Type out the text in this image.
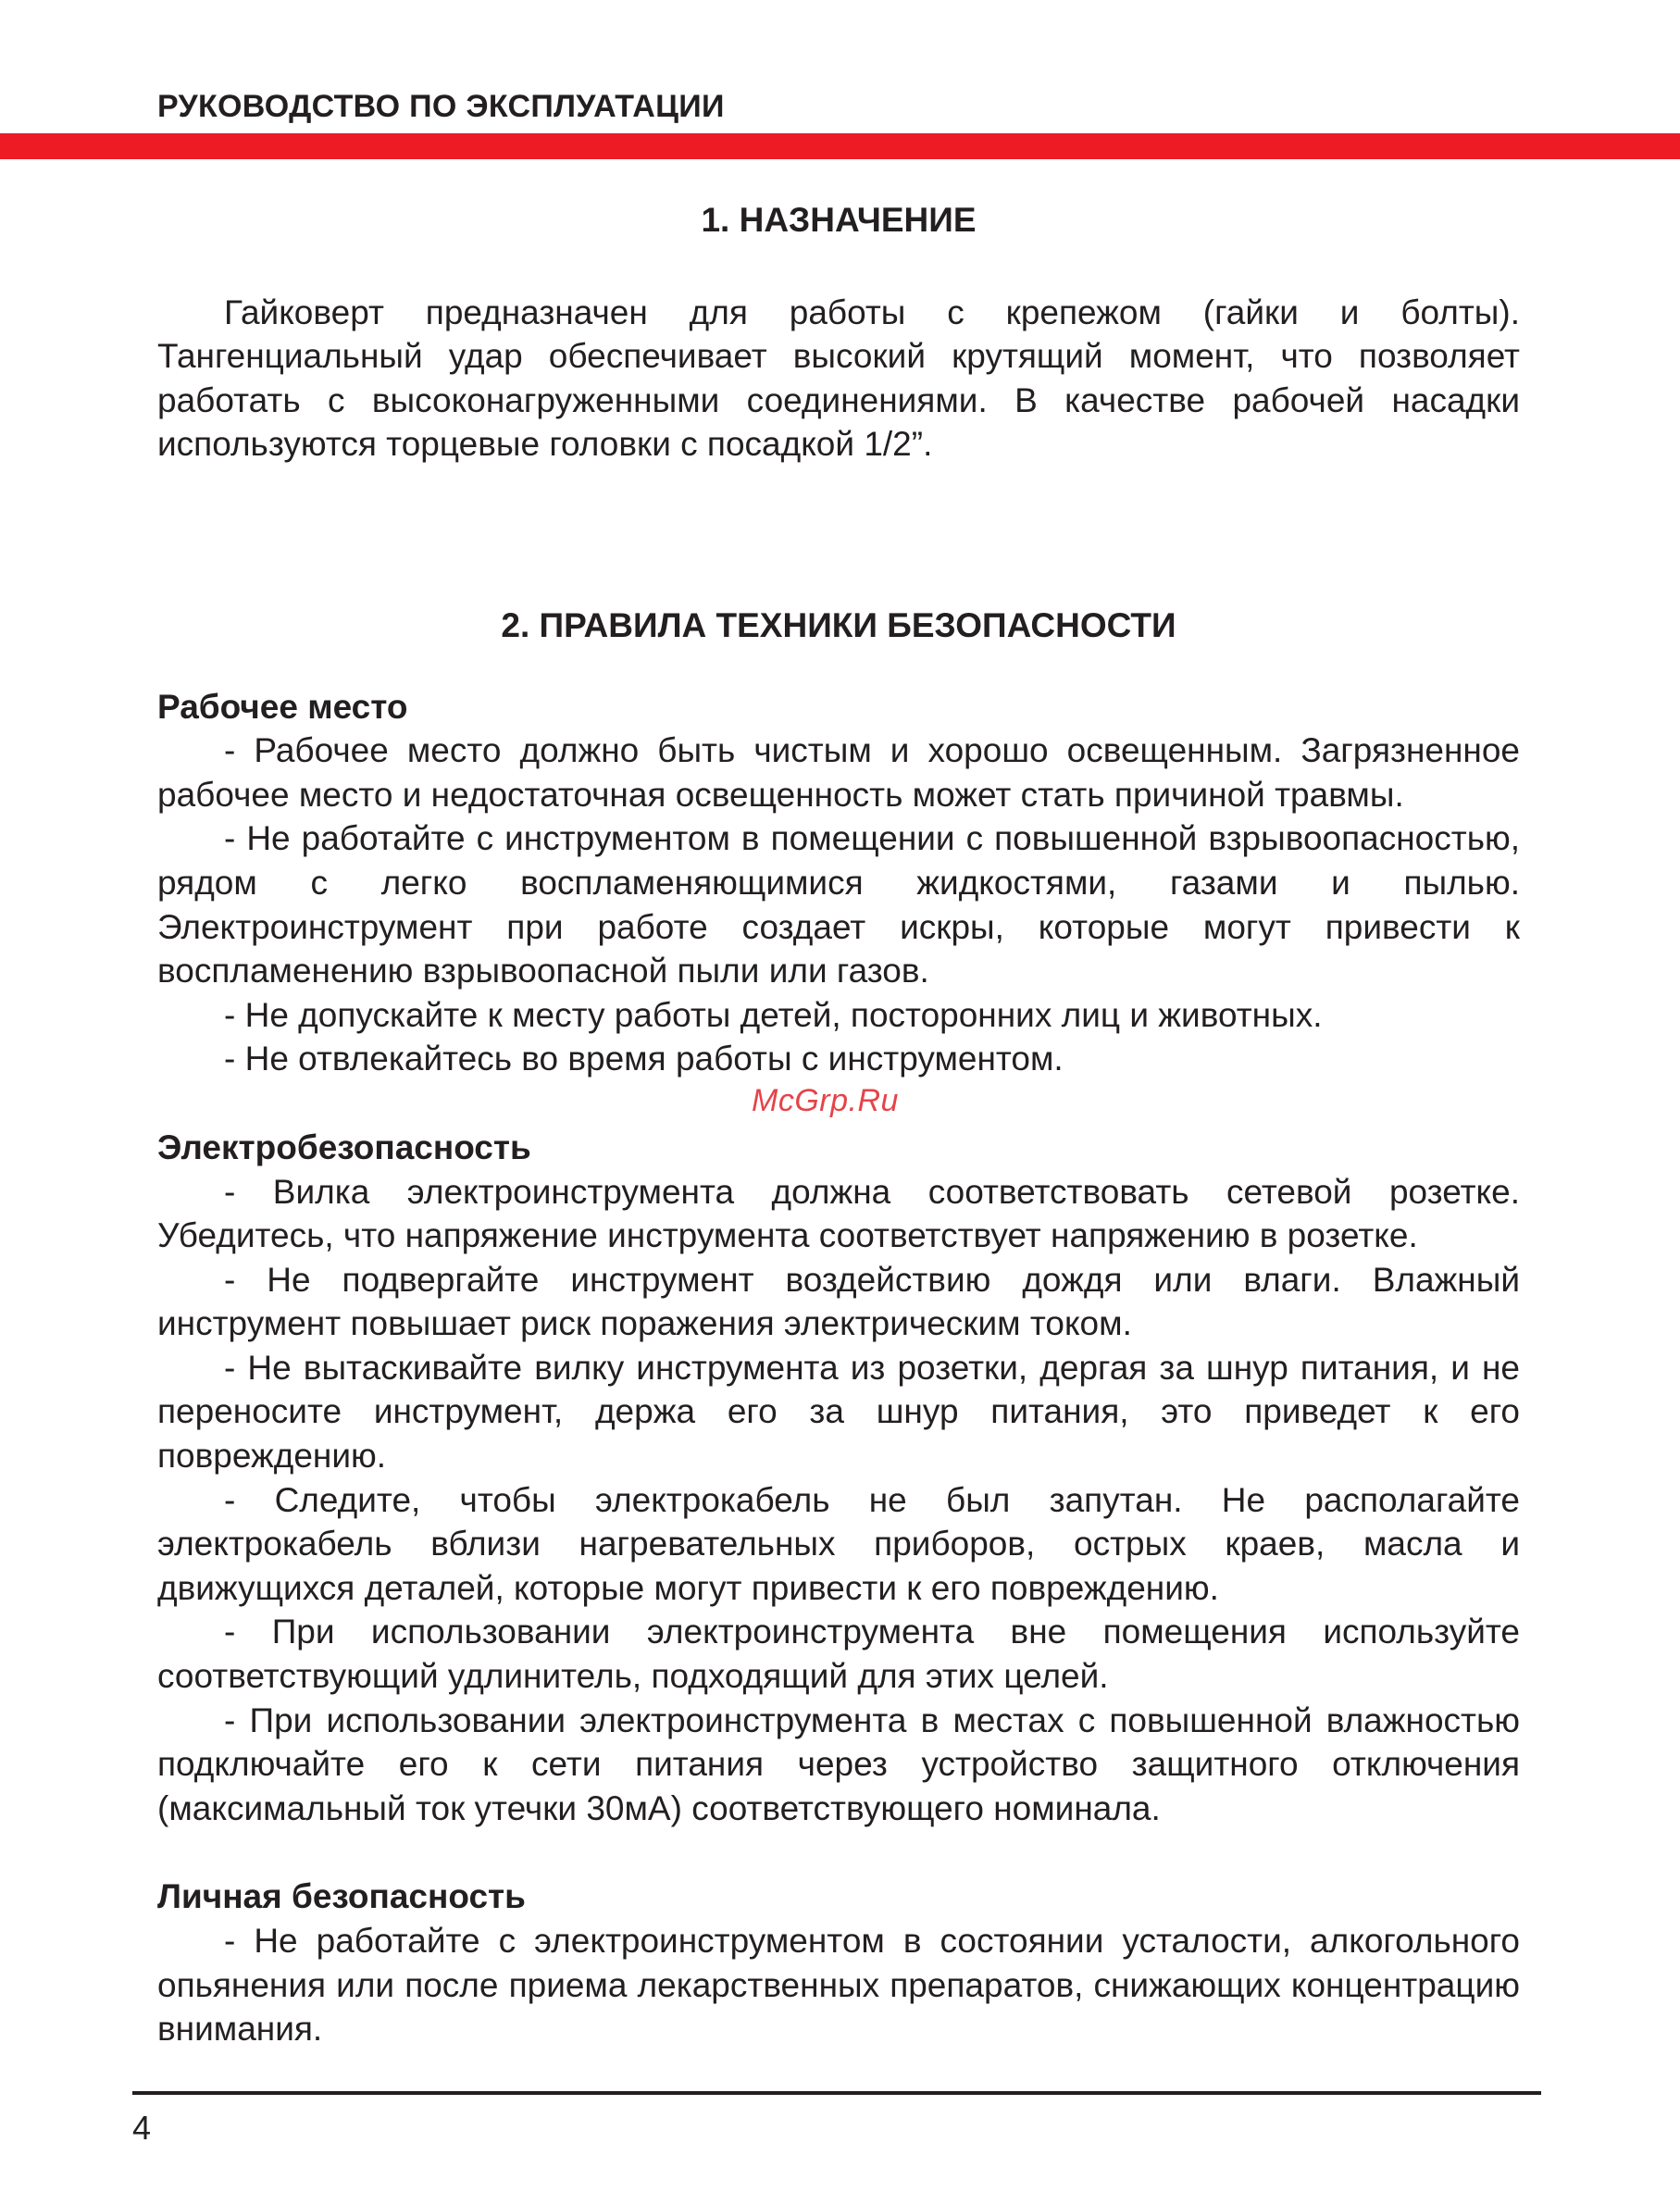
РУКОВОДСТВО ПО ЭКСПЛУАТАЦИИ
1. НАЗНАЧЕНИЕ

Гайковерт предназначен для работы с крепежом (гайки и болты). Тангенциальный удар обеспечивает высокий крутящий момент, что позволяет работать с высоконагруженными соединениями. В качестве рабочей насадки используются торцевые головки с посадкой 1/2”.

2. ПРАВИЛА ТЕХНИКИ БЕЗОПАСНОСТИ
Рабочее место

- Рабочее место должно быть чистым и хорошо освещенным. Загрязненное рабочее место и недостаточная освещенность может стать причиной травмы.

- Не работайте с инструментом в помещении с повышенной взрывоопасностью, рядом с легко воспламеняющимися жидкостями, газами и пылью. Электроинструмент при работе создает искры, которые могут привести к воспламенению взрывоопасной пыли или газов.

- Не допускайте к месту работы детей, посторонних лиц и животных.

- Не отвлекайтесь во время работы с инструментом.

Электробезопасность

- Вилка электроинструмента должна соответствовать сетевой розетке. Убедитесь, что напряжение инструмента соответствует напряжению в розетке.

- Не подвергайте инструмент воздействию дождя или влаги. Влажный инструмент повышает риск поражения электрическим током.

- Не вытаскивайте вилку инструмента из розетки, дергая за шнур питания, и не переносите инструмент, держа его за шнур питания, это приведет к его повреждению.

- Следите, чтобы электрокабель не был запутан. Не располагайте электрокабель вблизи нагревательных приборов, острых краев, масла и движущихся деталей, которые могут привести к его повреждению.

- При использовании электроинструмента вне помещения используйте соответствующий удлинитель, подходящий для этих целей.

- При использовании электроинструмента в местах с повышенной влажностью подключайте его к сети питания через устройство защитного отключения (максимальный ток утечки 30мА) соответствующего номинала.

Личная безопасность

- Не работайте с электроинструментом в состоянии усталости, алкогольного опьянения или после приема лекарственных препаратов, снижающих концентрацию внимания.

McGrp.Ru
4
